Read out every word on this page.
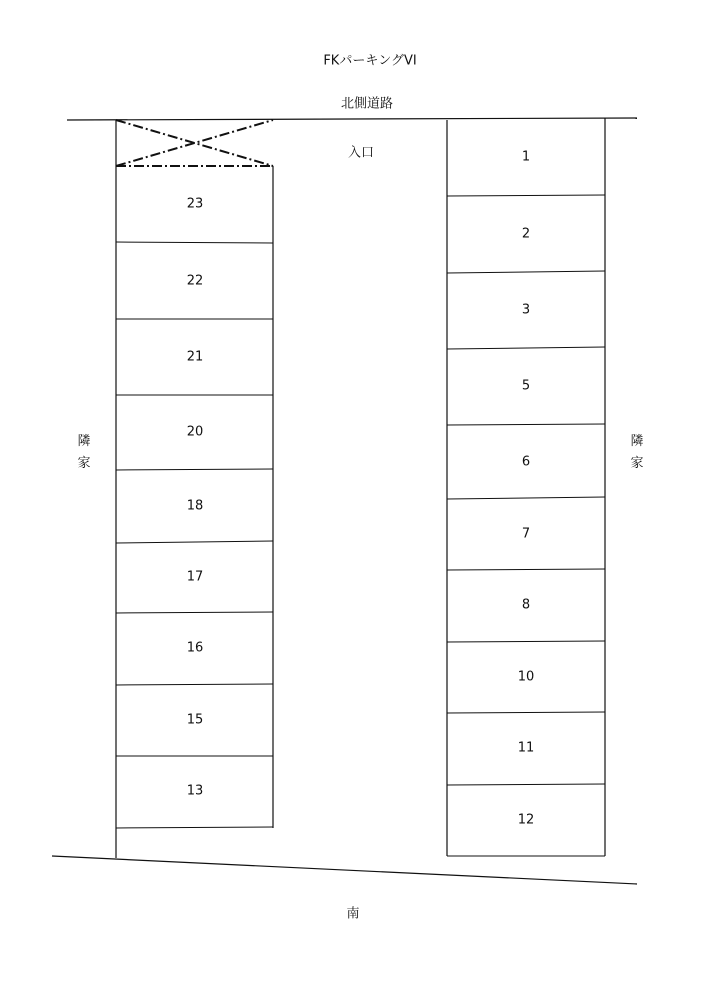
FKパーキングVI
北側道路
入口
南
隣
家
隣
家
23
22
21
20
18
17
16
15
13
1
2
3
5
6
7
8
10
11
12
